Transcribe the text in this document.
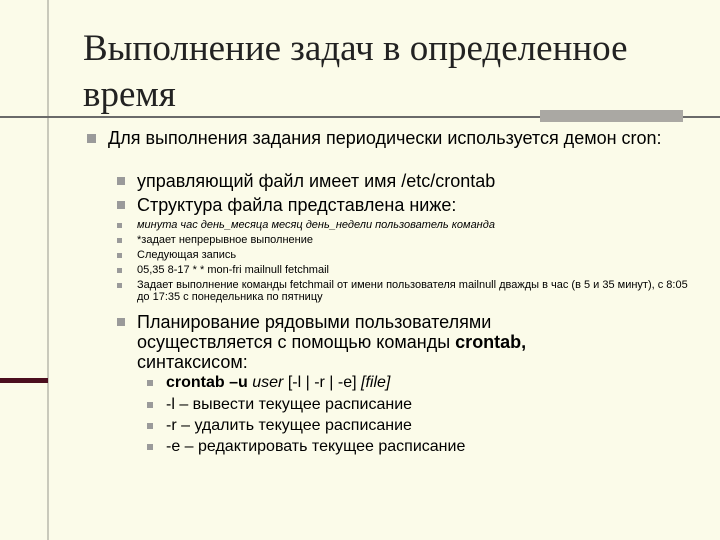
Выполнение задач в определенное время
Для выполнения задания периодически используется демон cron:
управляющий файл имеет имя /etc/crontab
Структура файла представлена ниже:
минута час день_месяца месяц день_недели пользователь команда
*задает непрерывное выполнение
Следующая запись
05,35 8-17 * * mon-fri mailnull fetchmail
Задает выполнение команды fetchmail от имени пользователя mailnull дважды в час (в 5 и 35 минут), с 8:05 до 17:35 с понедельника по пятницу
Планирование рядовыми пользователями осуществляется с помощью команды crontab, синтаксисом:
crontab –u user [-l | -r | -e] [file]
-l – вывести текущее расписание
-r – удалить текущее расписание
-e – редактировать текущее расписание
